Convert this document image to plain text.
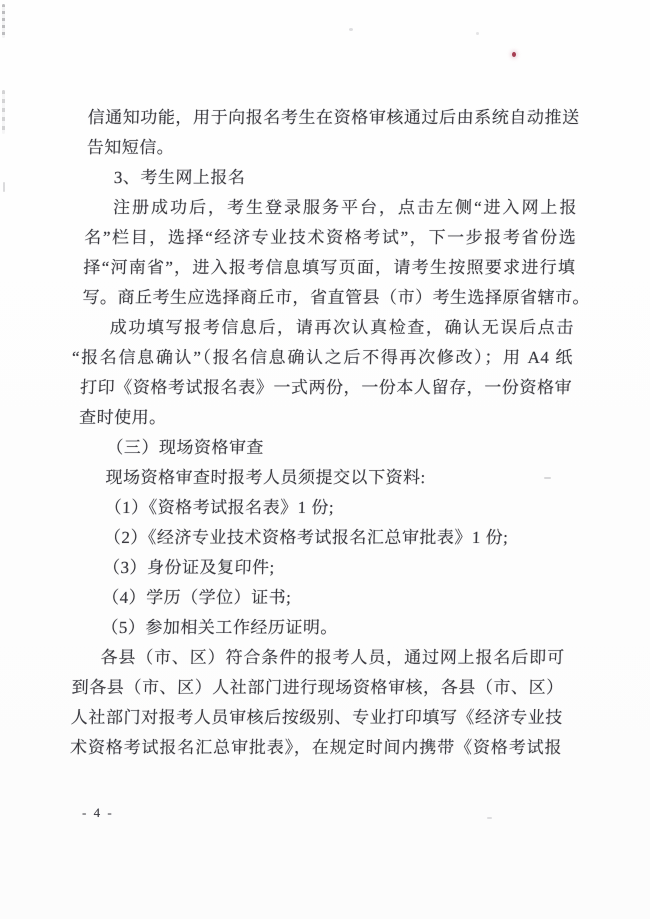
信通知功能，用于向报名考生在资格审核通过后由系统自动推送
告知短信。
3、考生网上报名
注册成功后，考生登录服务平台，点击左侧“进入网上报
名”栏目，选择“经济专业技术资格考试”，下一步报考省份选
择“河南省”，进入报考信息填写页面，请考生按照要求进行填
写。商丘考生应选择商丘市，省直管县（市）考生选择原省辖市。
成功填写报考信息后，请再次认真检查，确认无误后点击
“报名信息确认”（报名信息确认之后不得再次修改）；用 A4 纸
打印《资格考试报名表》一式两份，一份本人留存，一份资格审
查时使用。
（三）现场资格审查
现场资格审查时报考人员须提交以下资料:
（1）《资格考试报名表》1 份;
（2）《经济专业技术资格考试报名汇总审批表》1 份;
（3）身份证及复印件;
（4）学历（学位）证书;
（5）参加相关工作经历证明。
各县（市、区）符合条件的报考人员，通过网上报名后即可
到各县（市、区）人社部门进行现场资格审核，各县（市、区）
人社部门对报考人员审核后按级别、专业打印填写《经济专业技
术资格考试报名汇总审批表》，在规定时间内携带《资格考试报
- 4 -
